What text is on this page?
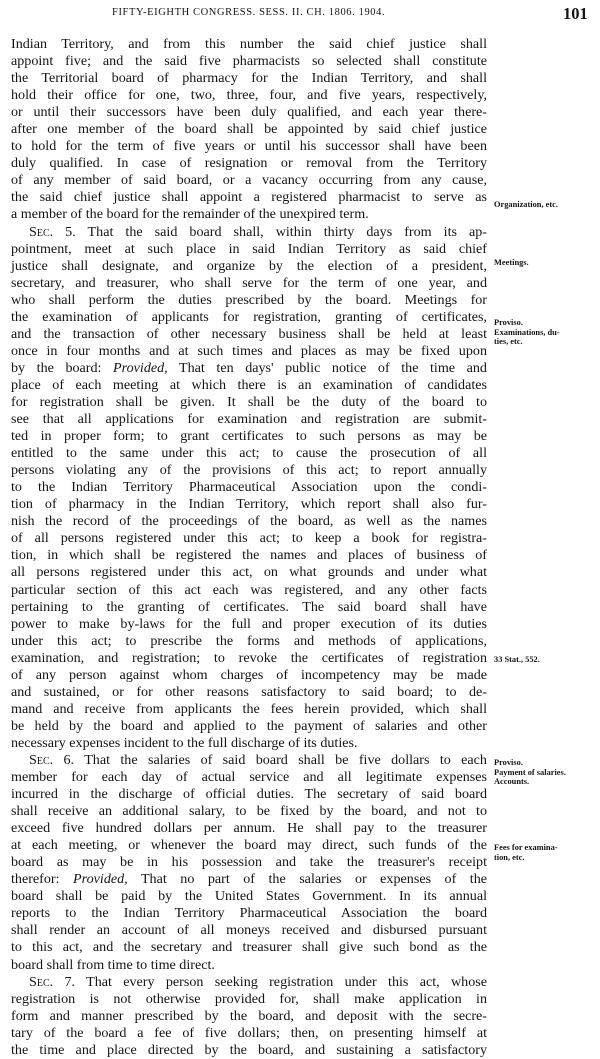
FIFTY-EIGHTH CONGRESS. SESS. II. CH. 1806. 1904.	101
Indian Territory, and from this number the said chief justice shall
appoint five; and the said five pharmacists so selected shall constitute
the Territorial board of pharmacy for the Indian Territory, and shall
hold their office for one, two, three, four, and five years, respectively,
or until their successors have been duly qualified, and each year there-
after one member of the board shall be appointed by said chief justice
to hold for the term of five years or until his successor shall have been
duly qualified. In case of resignation or removal from the Territory
of any member of said board, or a vacancy occurring from any cause,
the said chief justice shall appoint a registered pharmacist to serve as
a member of the board for the remainder of the unexpired term.
Sec. 5. That the said board shall, within thirty days from its ap-
pointment, meet at such place in said Indian Territory as said chief
justice shall designate, and organize by the election of a president,
secretary, and treasurer, who shall serve for the term of one year, and
who shall perform the duties prescribed by the board. Meetings for
the examination of applicants for registration, granting of certificates,
and the transaction of other necessary business shall be held at least
once in four months and at such times and places as may be fixed upon
by the board: Provided, That ten days' public notice of the time and
place of each meeting at which there is an examination of candidates
for registration shall be given. It shall be the duty of the board to
see that all applications for examination and registration are submit-
ted in proper form; to grant certificates to such persons as may be
entitled to the same under this act; to cause the prosecution of all
persons violating any of the provisions of this act; to report annually
to the Indian Territory Pharmaceutical Association upon the condi-
tion of pharmacy in the Indian Territory, which report shall also fur-
nish the record of the proceedings of the board, as well as the names
of all persons registered under this act; to keep a book for registra-
tion, in which shall be registered the names and places of business of
all persons registered under this act, on what grounds and under what
particular section of this act each was registered, and any other facts
pertaining to the granting of certificates. The said board shall have
power to make by-laws for the full and proper execution of its duties
under this act; to prescribe the forms and methods of applications,
examination, and registration; to revoke the certificates of registration
of any person against whom charges of incompetency may be made
and sustained, or for other reasons satisfactory to said board; to de-
mand and receive from applicants the fees herein provided, which shall
be held by the board and applied to the payment of salaries and other
necessary expenses incident to the full discharge of its duties.
Sec. 6. That the salaries of said board shall be five dollars to each
member for each day of actual service and all legitimate expenses
incurred in the discharge of official duties. The secretary of said board
shall receive an additional salary, to be fixed by the board, and not to
exceed five hundred dollars per annum. He shall pay to the treasurer
at each meeting, or whenever the board may direct, such funds of the
board as may be in his possession and take the treasurer's receipt
therefor: Provided, That no part of the salaries or expenses of the
board shall be paid by the United States Government. In its annual
reports to the Indian Territory Pharmaceutical Association the board
shall render an account of all moneys received and disbursed pursuant
to this act, and the secretary and treasurer shall give such bond as the
board shall from time to time direct.
Sec. 7. That every person seeking registration under this act, whose
registration is not otherwise provided for, shall make application in
form and manner prescribed by the board, and deposit with the secre-
tary of the board a fee of five dollars; then, on presenting himself at
the time and place directed by the board, and sustaining a satisfactory
Organization, etc.
Meetings.
Proviso.
Examinations, du-
ties, etc.
33 Stat., 552.
Proviso.
Payment of salaries.
Accounts.
Fees for examina-
tion, etc.
